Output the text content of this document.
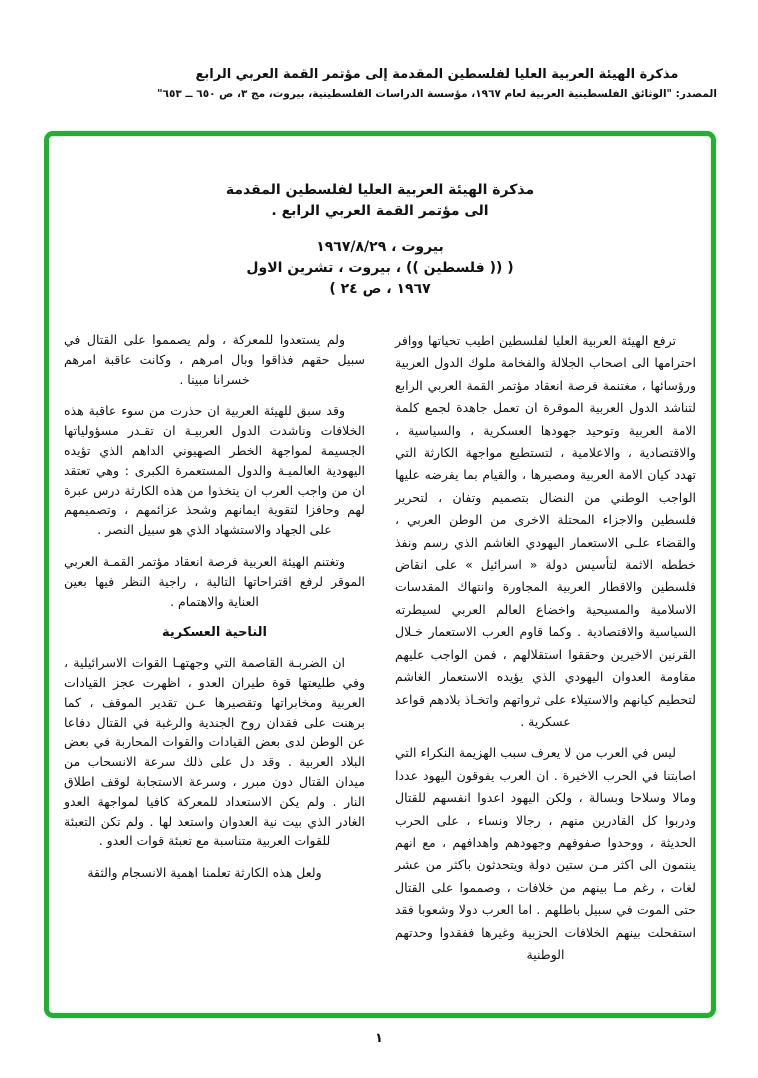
مذكرة الهيئة العربية العليا لفلسطين المقدمة إلى مؤتمر القمة العربي الرابع
المصدر: "الوثائق الفلسطينية العربية لعام ١٩٦٧، مؤسسة الدراسات الفلسطينية، بيروت، مج ٣، ص ٦٥٠ ــ ٦٥٣"
مذكرة الهيئة العربية العليا لفلسطين المقدمة
الى مؤتمر القمة العربي الرابع .
بيروت ، ١٩٦٧/٨/٢٩
( (( فلسطين )) ، بيروت ، تشرين الاول
١٩٦٧ ، ص ٢٤ )

ترفع الهيئة العربية العليا لفلسطين اطيب تحياتها ووافر احترامها الى اصحاب الجلالة والفخامة ملوك الدول العربية ورؤسائها ، مغتنمة فرصة انعقاد مؤتمر القمة العربي الرابع لتناشد الدول العربية الموقرة ان تعمل جاهدة لجمع كلمة الامة العربية وتوحيد جهودها العسكرية ، والسياسية ، والاقتصادية ، والاعلامية ، لتستطيع مواجهة الكارثة التي تهدد كيان الامة العربية ومصيرها ، والقيام بما يفرضه عليها الواجب الوطني من النضال بتصميم وتفان ، لتحرير فلسطين والاجزاء المحتلة الاخرى من الوطن العربي ، والقضاء علـى الاستعمار اليهودي الغاشم الذي رسم ونفذ خططه الاثمة لتأسيس دولة « اسرائيل » على انقاض فلسطين والاقطار العربية المجاورة وانتهاك المقدسات الاسلامية والمسيحية واخضاع العالم العربي لسيطرته السياسية والاقتصادية . وكما قاوم العرب الاستعمار خـلال القرنين الاخيرين وحققوا استقلالهم ، فمن الواجب عليهم مقاومة العدوان اليهودي الذي يؤيده الاستعمار الغاشم لتحطيم كيانهم والاستيلاء على ثرواتهم واتخـاذ بلادهم قواعد عسكرية .

ليس في العرب من لا يعرف سبب الهزيمة النكراء التي اصابتنا في الحرب الاخيرة . ان العرب يفوقون اليهود عددا ومالا وسلاحا وبسالة ، ولكن اليهود اعدوا انفسهم للقتال ودربوا كل القادرين منهم ، رجالا ونساء ، على الحرب الحديثة ، ووحدوا صفوفهم وجهودهم واهدافهم ، مع انهم ينتمون الى اكثر مـن ستين دولة ويتحدثون باكثر من عشر لغات ، رغم مـا بينهم من خلافات ، وصمموا على القتال حتى الموت في سبيل باطلهم . اما العرب دولا وشعوبا فقد استفحلت بينهم الخلافات الحزبية وغيرها ففقدوا وحدتهم الوطنية

ولم يستعدوا للمعركة ، ولم يصمموا على القتال في سبيل حقهم فذاقوا وبال امرهم ، وكانت عاقبة امرهم خسرانا مبينا .

وقد سبق للهيئة العربية ان حذرت من سوء عاقبة هذه الخلافات وناشدت الدول العربيـة ان تقـدر مسؤولياتها الجسيمة لمواجهة الخطر الصهيوني الداهم الذي تؤيده اليهودية العالميـة والدول المستعمرة الكبرى : وهي تعتقد ان من واجب العرب ان يتخذوا من هذه الكارثة درس عبرة لهم وحافزا لتقوية ايمانهم وشحذ عزائمهم ، وتصميمهم على الجهاد والاستشهاد الذي هو سبيل النصر .

وتغتنم الهيئة العربية فرصة انعقاد مؤتمر القمـة العربي الموقر لرفع اقتراحاتها التالية ، راجية النظر فيها بعين العناية والاهتمام .

الناحية العسكرية

ان الضربـة القاصمة التي وجهتهـا القوات الاسرائيلية ، وفي طليعتها قوة طيران العدو ، اظهرت عجز القيادات العربية ومخابراتها وتقصيرها عـن تقدير الموقف ، كما برهنت على فقدان روح الجندية والرغبة في القتال دفاعا عن الوطن لدى بعض القيادات والقوات المحاربة في بعض البلاد العربية . وقد دل على ذلك سرعة الانسحاب من ميدان القتال دون مبرر ، وسرعة الاستجابة لوقف اطلاق النار . ولم يكن الاستعداد للمعركة كافيا لمواجهة العدو الغادر الذي بيت نية العدوان واستعد لها . ولم تكن التعبئة للقوات العربية متناسبة مع تعبئة قوات العدو .

ولعل هذه الكارثة تعلمنا اهمية الانسجام والثقة

١
